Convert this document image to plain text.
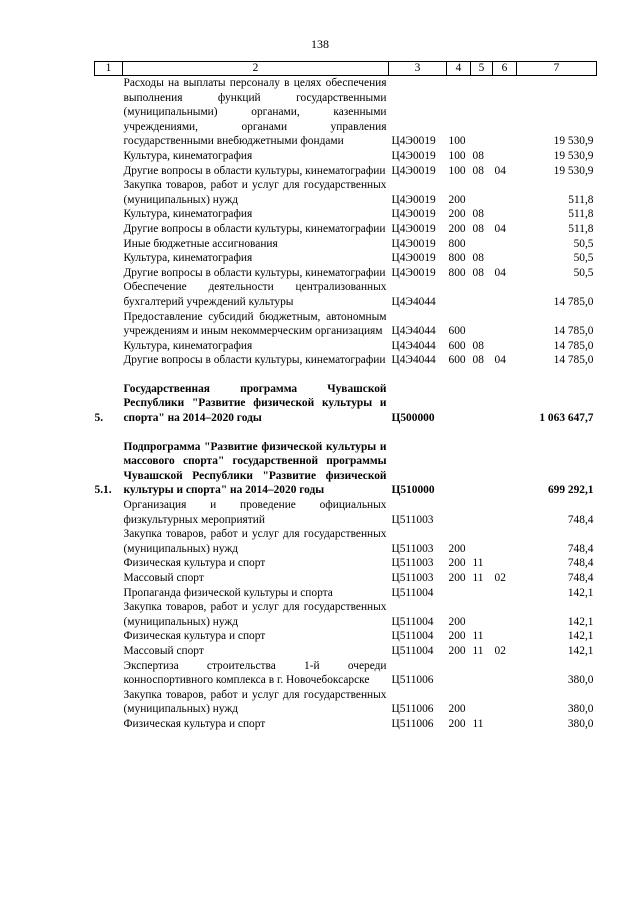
138
1	2	3	4	5	6	7
	Расходы на выплаты персоналу в целях обеспечения выполнения функций государственными (муниципальными) органами, казенными учреждениями, органами управления государственными внебюджетными фондами	Ц4Э0019	100			19 530,9
	Культура, кинематография	Ц4Э0019	100	08		19 530,9
	Другие вопросы в области культуры, кинематографии	Ц4Э0019	100	08	04	19 530,9
	Закупка товаров, работ и услуг для государственных (муниципальных) нужд	Ц4Э0019	200			511,8
	Культура, кинематография	Ц4Э0019	200	08		511,8
	Другие вопросы в области культуры, кинематографии	Ц4Э0019	200	08	04	511,8
	Иные бюджетные ассигнования	Ц4Э0019	800			50,5
	Культура, кинематография	Ц4Э0019	800	08		50,5
	Другие вопросы в области культуры, кинематографии	Ц4Э0019	800	08	04	50,5
	Обеспечение деятельности централизованных бухгалтерий учреждений культуры	Ц4Э4044				14 785,0
	Предоставление субсидий бюджетным, автономным учреждениям и иным некоммерческим организациям	Ц4Э4044	600			14 785,0
	Культура, кинематография	Ц4Э4044	600	08		14 785,0
	Другие вопросы в области культуры, кинематографии	Ц4Э4044	600	08	04	14 785,0

5.	Государственная программа Чувашской Республики "Развитие физической культуры и спорта" на 2014–2020 годы	Ц500000				1 063 647,7

5.1.	Подпрограмма "Развитие физической культуры и массового спорта" государственной программы Чувашской Республики "Развитие физической культуры и спорта" на 2014–2020 годы	Ц510000				699 292,1
	Организация и проведение официальных физкультурных мероприятий	Ц511003				748,4
	Закупка товаров, работ и услуг для государственных (муниципальных) нужд	Ц511003	200			748,4
	Физическая культура и спорт	Ц511003	200	11		748,4
	Массовый спорт	Ц511003	200	11	02	748,4
	Пропаганда физической культуры и спорта	Ц511004				142,1
	Закупка товаров, работ и услуг для государственных (муниципальных) нужд	Ц511004	200			142,1
	Физическая культура и спорт	Ц511004	200	11		142,1
	Массовый спорт	Ц511004	200	11	02	142,1
	Экспертиза строительства 1-й очереди конноспортивного комплекса в г. Новочебоксарске	Ц511006				380,0
	Закупка товаров, работ и услуг для государственных (муниципальных) нужд	Ц511006	200			380,0
	Физическая культура и спорт	Ц511006	200	11		380,0
